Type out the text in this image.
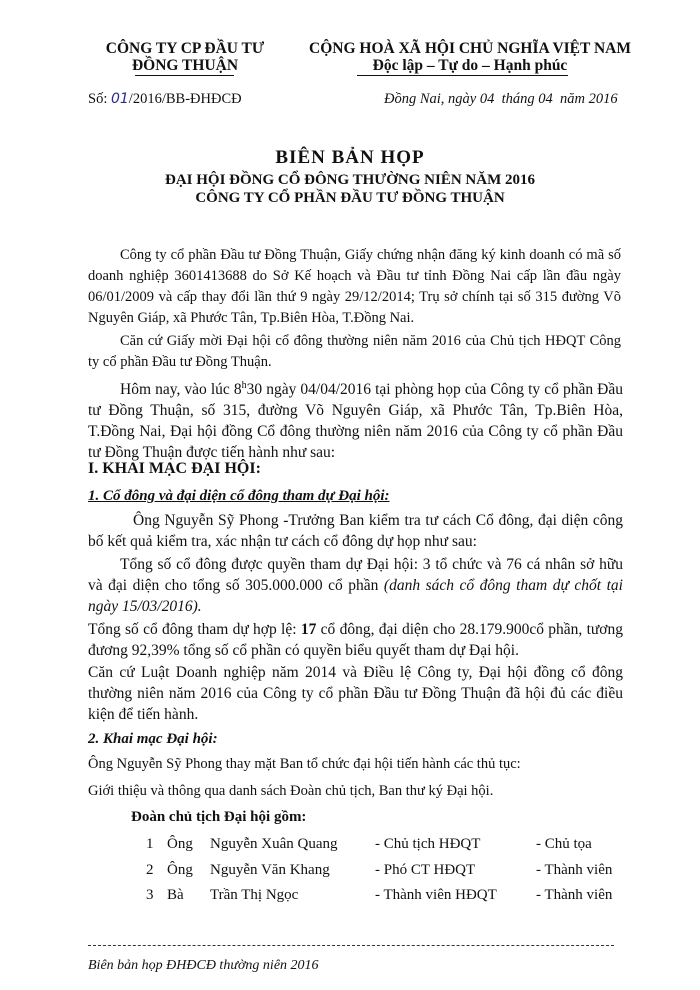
CÔNG TY CP ĐẦU TƯ
ĐỒNG THUẬN
CỘNG HOÀ XÃ HỘI CHỦ NGHĨA VIỆT NAM
Độc lập – Tự do – Hạnh phúc
Số: 01/2016/BB-ĐHĐCĐ	Đồng Nai, ngày 04 tháng 04 năm 2016
BIÊN BẢN HỌP
ĐẠI HỘI ĐỒNG CỔ ĐÔNG THƯỜNG NIÊN NĂM 2016
CÔNG TY CỔ PHẦN ĐẦU TƯ ĐỒNG THUẬN
Công ty cổ phần Đầu tư Đồng Thuận, Giấy chứng nhận đăng ký kinh doanh có mã số doanh nghiệp 3601413688 do Sở Kế hoạch và Đầu tư tỉnh Đồng Nai cấp lần đầu ngày 06/01/2009 và cấp thay đổi lần thứ 9 ngày 29/12/2014; Trụ sở chính tại số 315 đường Võ Nguyên Giáp, xã Phước Tân, Tp.Biên Hòa, T.Đồng Nai.
Căn cứ Giấy mời Đại hội cổ đông thường niên năm 2016 của Chủ tịch HĐQT Công ty cổ phần Đầu tư Đồng Thuận.
Hôm nay, vào lúc 8$^h$30 ngày 04/04/2016 tại phòng họp của Công ty cổ phần Đầu tư Đồng Thuận, số 315, đường Võ Nguyên Giáp, xã Phước Tân, Tp.Biên Hòa, T.Đồng Nai, Đại hội đồng Cổ đông thường niên năm 2016 của Công ty cổ phần Đầu tư Đồng Thuận được tiến hành như sau:
I. KHAI MẠC ĐẠI HỘI:
1. Cổ đông và đại diện cổ đông tham dự Đại hội:
Ông Nguyễn Sỹ Phong -Trưởng Ban kiểm tra tư cách Cổ đông, đại diện công bố kết quả kiểm tra, xác nhận tư cách cổ đông dự họp như sau:
Tổng số cổ đông được quyền tham dự Đại hội: 3 tổ chức và 76 cá nhân sở hữu và đại diện cho tổng số 305.000.000 cổ phần (danh sách cổ đông tham dự chốt tại ngày 15/03/2016).
Tổng số cổ đông tham dự hợp lệ: 17 cổ đông, đại diện cho 28.179.900cổ phần, tương đương 92,39% tổng số cổ phần có quyền biểu quyết tham dự Đại hội.
Căn cứ Luật Doanh nghiệp năm 2014 và Điều lệ Công ty, Đại hội đồng cổ đông thường niên năm 2016 của Công ty cổ phần Đầu tư Đồng Thuận đã hội đủ các điều kiện để tiến hành.
2. Khai mạc Đại hội:
Ông Nguyễn Sỹ Phong thay mặt Ban tổ chức đại hội tiến hành các thủ tục:
Giới thiệu và thông qua danh sách Đoàn chủ tịch, Ban thư ký Đại hội.
Đoàn chủ tịch Đại hội gồm:
1 Ông Nguyễn Xuân Quang	- Chủ tịch HĐQT	- Chủ tọa
2 Ông Nguyễn Văn Khang	- Phó CT HĐQT	- Thành viên
3 Bà Trần Thị Ngọc	- Thành viên HĐQT	- Thành viên
Biên bản họp ĐHĐCĐ thường niên 2016
